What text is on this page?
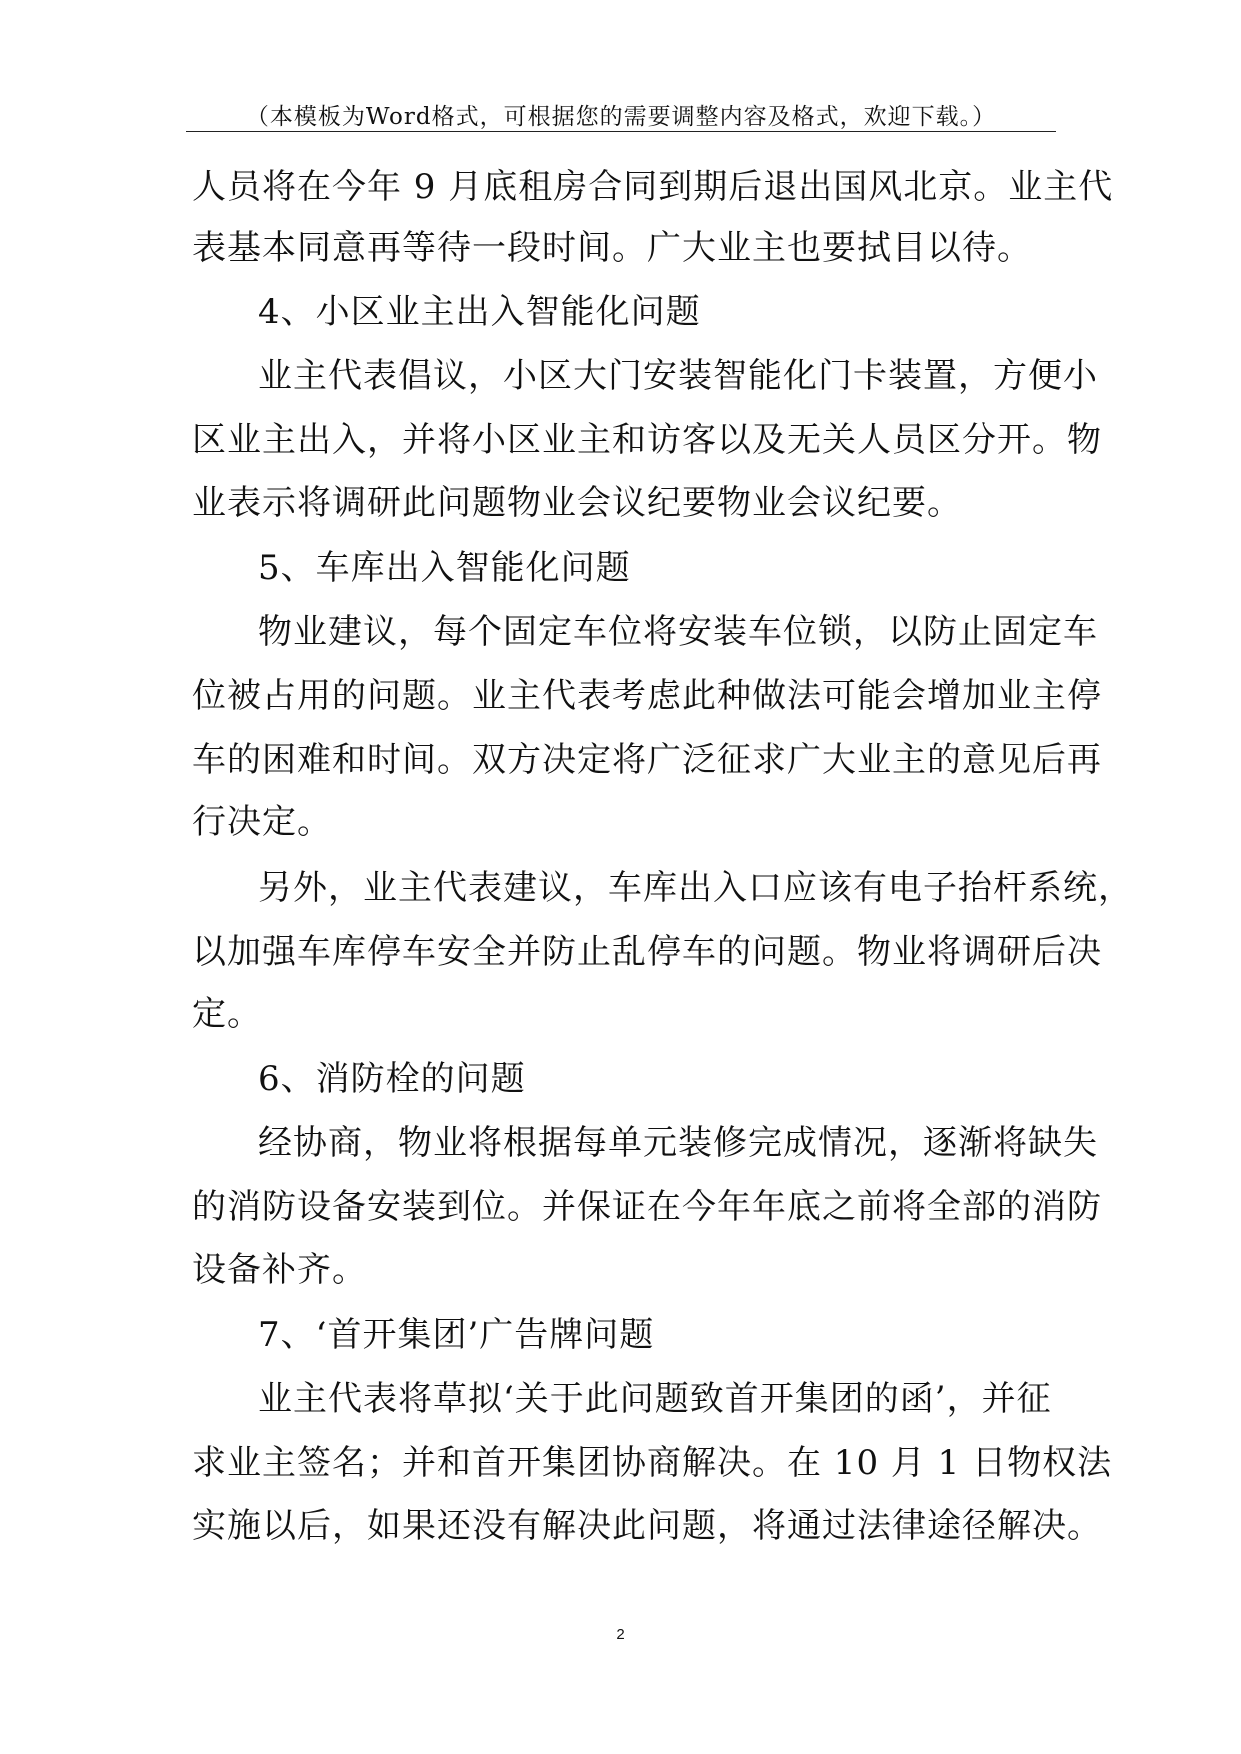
（本模板为Word格式，可根据您的需要调整内容及格式，欢迎下载。）
人员将在今年 9 月底租房合同到期后退出国风北京。业主代
表基本同意再等待一段时间。广大业主也要拭目以待。
4、小区业主出入智能化问题
业主代表倡议，小区大门安装智能化门卡装置，方便小
区业主出入，并将小区业主和访客以及无关人员区分开。物
业表示将调研此问题物业会议纪要物业会议纪要。
5、车库出入智能化问题
物业建议，每个固定车位将安装车位锁，以防止固定车
位被占用的问题。业主代表考虑此种做法可能会增加业主停
车的困难和时间。双方决定将广泛征求广大业主的意见后再
行决定。
另外，业主代表建议，车库出入口应该有电子抬杆系统，
以加强车库停车安全并防止乱停车的问题。物业将调研后决
定。
6、消防栓的问题
经协商，物业将根据每单元装修完成情况，逐渐将缺失
的消防设备安装到位。并保证在今年年底之前将全部的消防
设备补齐。
7、‘首开集团’广告牌问题
业主代表将草拟‘关于此问题致首开集团的函’，并征
求业主签名；并和首开集团协商解决。在 10 月 1 日物权法
实施以后，如果还没有解决此问题，将通过法律途径解决。
2
